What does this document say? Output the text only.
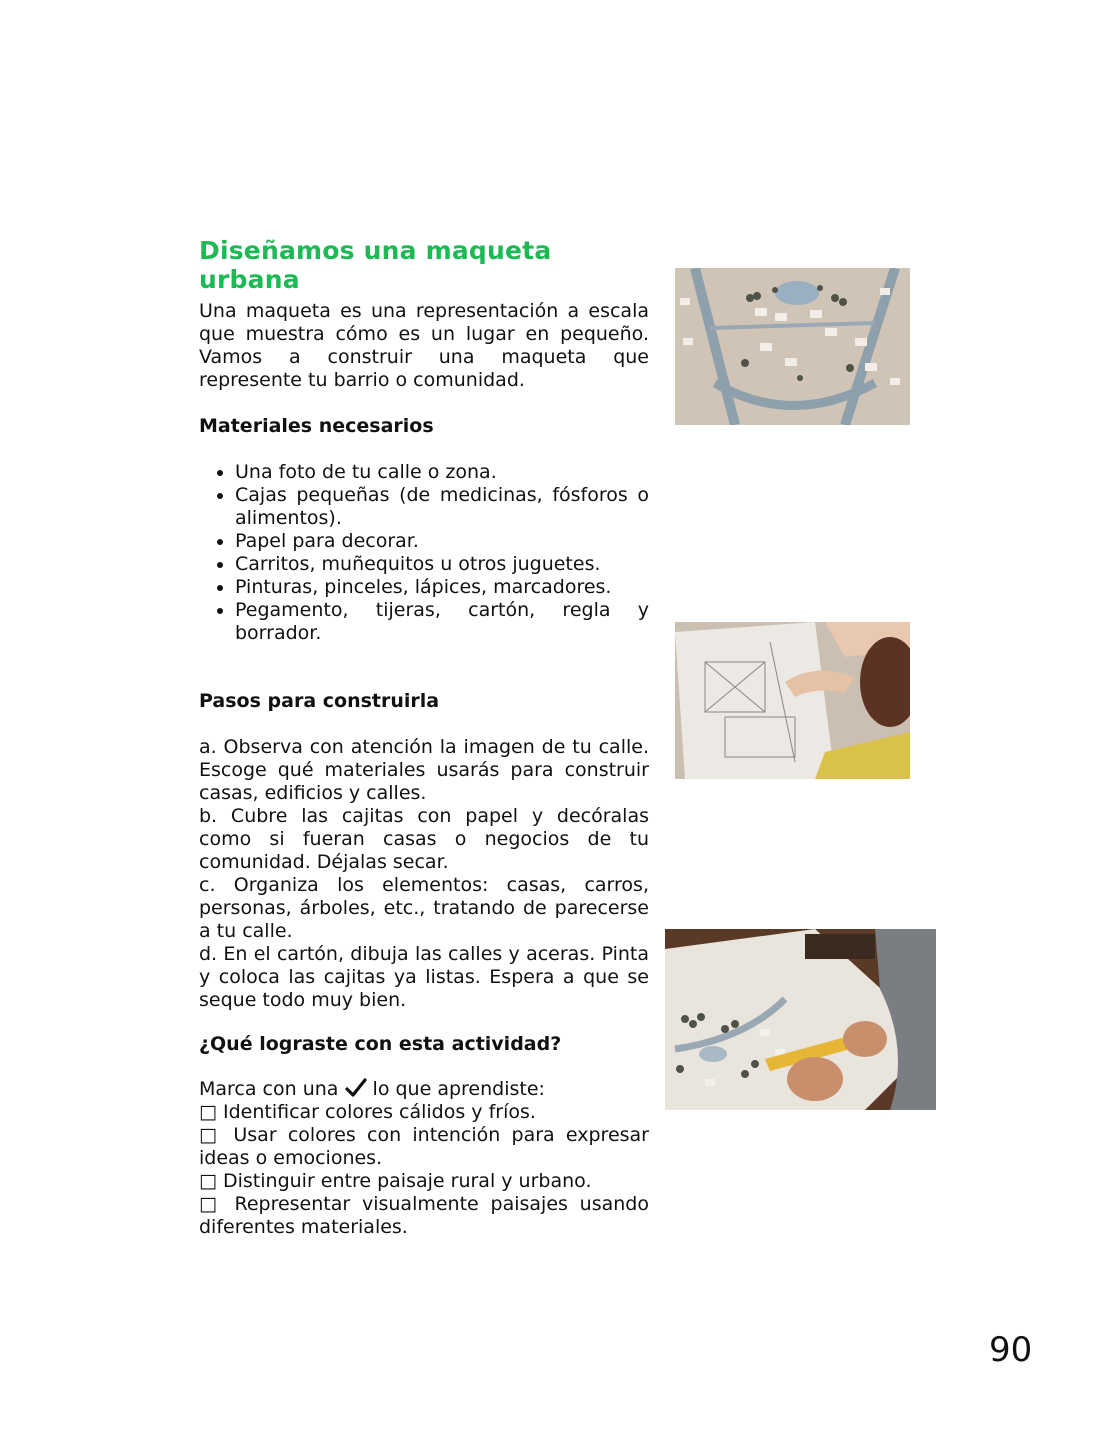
Diseñamos una maqueta urbana

Una maqueta es una representación a escala que muestra cómo es un lugar en pequeño. Vamos a construir una maqueta que represente tu barrio o comunidad.

Materiales necesarios

• Una foto de tu calle o zona.
• Cajas pequeñas (de medicinas, fósforos o alimentos).
• Papel para decorar.
• Carritos, muñequitos u otros juguetes.
• Pinturas, pinceles, lápices, marcadores.
• Pegamento, tijeras, cartón, regla y borrador.

Pasos para construirla

a. Observa con atención la imagen de tu calle. Escoge qué materiales usarás para construir casas, edificios y calles.

b. Cubre las cajitas con papel y decóralas como si fueran casas o negocios de tu comunidad. Déjalas secar.

c. Organiza los elementos: casas, carros, personas, árboles, etc., tratando de parecerse a tu calle.

d. En el cartón, dibuja las calles y aceras. Pinta y coloca las cajitas ya listas. Espera a que se seque todo muy bien.

¿Qué lograste con esta actividad?

Marca con una lo que aprendiste:

□ Identificar colores cálidos y fríos.

□ Usar colores con intención para expresar ideas o emociones.

□ Distinguir entre paisaje rural y urbano.

□ Representar visualmente paisajes usando diferentes materiales.

90
